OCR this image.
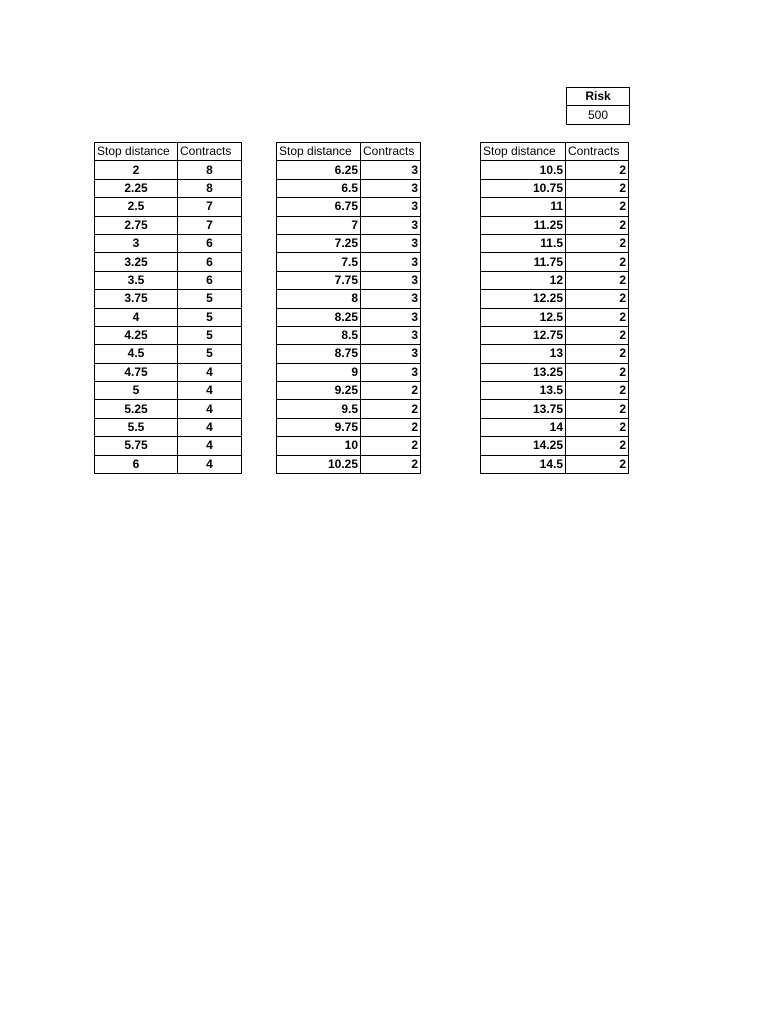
Risk
500
Stop distance	Contracts
2	8
2.25	8
2.5	7
2.75	7
3	6
3.25	6
3.5	6
3.75	5
4	5
4.25	5
4.5	5
4.75	4
5	4
5.25	4
5.5	4
5.75	4
6	4
Stop distance	Contracts
6.25	3
6.5	3
6.75	3
7	3
7.25	3
7.5	3
7.75	3
8	3
8.25	3
8.5	3
8.75	3
9	3
9.25	2
9.5	2
9.75	2
10	2
10.25	2
Stop distance	Contracts
10.5	2
10.75	2
11	2
11.25	2
11.5	2
11.75	2
12	2
12.25	2
12.5	2
12.75	2
13	2
13.25	2
13.5	2
13.75	2
14	2
14.25	2
14.5	2
